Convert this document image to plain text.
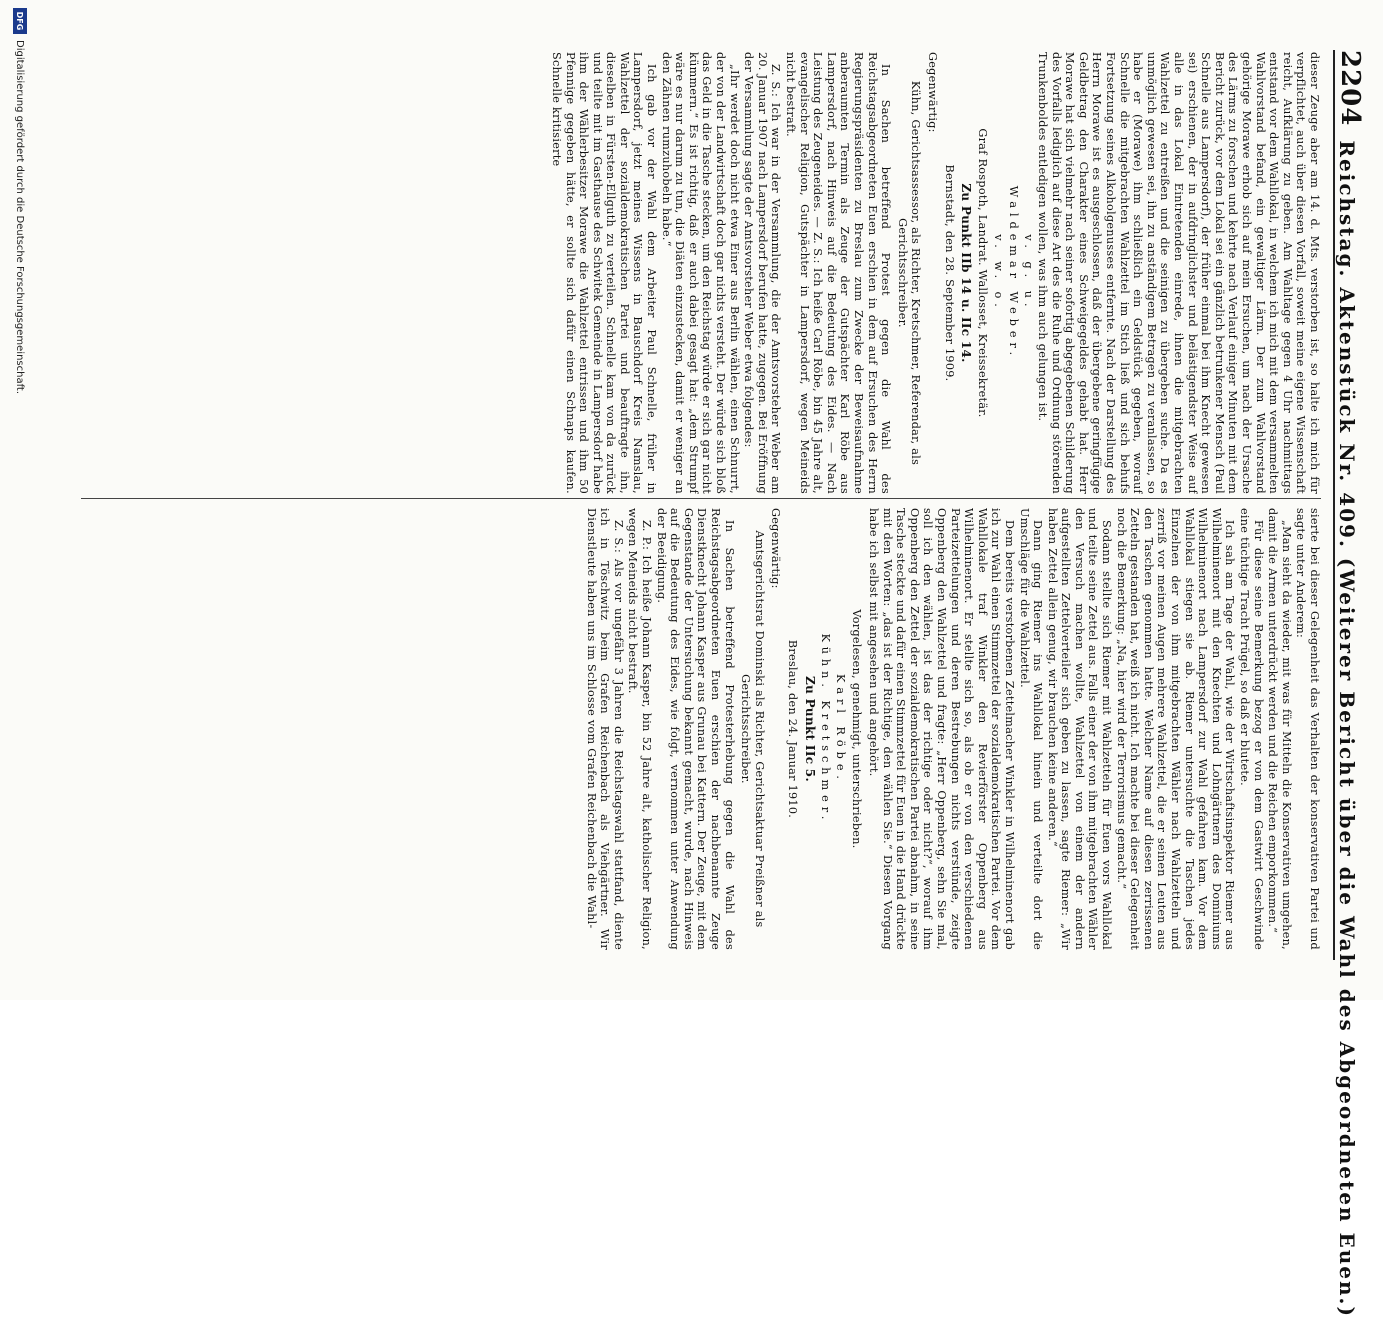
2204
Reichstag. Aktenstück Nr. 409. (Weiterer Bericht über die Wahl des Abgeordneten Euen.)

dieser Zeuge aber am 14. d. Mts. verstorben ist, so halte ich mich für verpflichtet, auch über diesen Vorfall, soweit meine eigene Wissenschaft reicht, Aufklärung zu geben. Am Wahltage gegen 4 Uhr nachmittags entstand vor dem Wahllokal, in welchem ich mich mit dem versammelten Wahlvorstand befand, ein gewaltiger Lärm. Der zum Wahlvorstand gehörige Morawe erhob sich auf mein Ersuchen, um nach der Ursache des Lärms zu forschen und kehrte nach Verlauf einiger Minuten mit dem Bericht zurück, vor dem Lokal sei ein gänzlich betrunkener Mensch (Paul Schnelle aus Lampersdorf), der früher einmal bei ihm Knecht gewesen sei) erschienen, der in aufdringlichster und belästigendster Weise auf alle in das Lokal Eintretenden einrede, ihnen die mitgebrachten Wahlzettel zu entreißen und die seinigen zu übergeben suche. Da es unmöglich gewesen sei, ihn zu anständigem Betragen zu veranlassen, so habe er (Morawe) ihm schließlich ein Geldstück gegeben, worauf Schnelle die mitgebrachten Wahlzettel im Stich ließ und sich behufs Fortsetzung seines Alkoholgenusses entfernte. Nach der Darstellung des Herrn Morawe ist es ausgeschlossen, daß der übergebene geringfügige Geldbetrag den Charakter eines Schweigegeldes gehabt hat. Herr Morawe hat sich vielmehr nach seiner sofortig abgegebenen Schilderung des Vorfalls lediglich auf diese Art des die Ruhe und Ordnung störenden Trunkenboldes entledigen wollen, was ihm auch gelungen ist.

v. g. u.

Waldemar Weber.

v. w. o.

Graf Rospoth, Landrat. Wallosset, Kreissekretär.

Zu Punkt IIb 14 u. IIc 14.

Bernstadt, den 28. September 1909.

Gegenwärtig:

Kühn, Gerichtsassessor, als Richter, Kretschmer, Referendar, als Gerichtsschreiber.

In Sachen betreffend Protest gegen die Wahl des Reichstagsabgeordneten Euen erschien in dem auf Ersuchen des Herrn Regierungspräsidenten zu Breslau zum Zwecke der Beweisaufnahme anberaumten Termin als Zeuge der Gutspächter Karl Röbe aus Lampersdorf, nach Hinweis auf die Bedeutung des Eides. — Nach Leistung des Zeugeneides. — Z. S.: Ich heiße Carl Röbe, bin 45 Jahre alt, evangelischer Religion, Gutspächter in Lampersdorf, wegen Meineids nicht bestraft.

Z. S.: Ich war in der Versammlung, die der Amtsvorsteher Weber am 20. Januar 1907 nach Lampersdorf berufen hatte, zugegen. Bei Eröffnung der Versammlung sagte der Amtsvorsteher Weber etwa folgendes:

„Ihr werdet doch nicht etwa Einer aus Berlin wählen, einen Schnurrt, der von der Landwirtschaft doch gar nichts versteht. Der würde sich bloß das Geld in die Tasche stecken, um den Reichstag würde er sich gar nicht kümmern.“ Es ist richtig, daß er auch dabei gesagt hat: „dem Strumpf wäre es nur darum zu tun, die Diäten einzustecken, damit er weniger an den Zähnen rumzuhobeln habe.“

Ich gab vor der Wahl dem Arbeiter Paul Schnelle, früher in Lampersdorf, jetzt meines Wissens in Bauschdorf Kreis Namslau, Wahlzettel der sozialdemokratischen Partei und beauftragte ihn, dieselben in Fürsten-Ellguth zu verteilen. Schnelle kam von da zurück und teilte mit im Gasthause des Schwitek Gemeinde in Lampersdorf habe ihm der Wählerbesitzer Morawe die Wahlzettel entrissen und ihm 50 Pfennige gegeben hätte, er sollte sich dafür einen Schnaps kaufen. Schnelle kritisierte

sierte bei dieser Gelegenheit das Verhalten der konservativen Partei und sagte unter Anderem:

„Man sieht da wieder, mit was für Mitteln die Konservativen umgehen, damit die Armen unterdrückt werden und die Reichen emporkommen.“

Für diese seine Bemerkung bezog er von dem Gastwirt Geschwinde eine tüchtige Tracht Prügel, so daß er blutete.

Ich sah am Tage der Wahl, wie der Wirtschaftsinspektor Riemer aus Wilhelminenort mit den Knechten und Lohngärtnern des Dominiums Wilhelminenort nach Lampersdorf zur Wahl gefahren kam. Vor dem Wahllokal stiegen sie ab. Riemer untersuchte die Taschen jedes Einzelnen der von ihm mitgebrachten Wähler nach Wahlzetteln und zerriß vor meinen Augen mehrere Wahlzettel, die er seinen Leuten aus den Taschen genommen hatte. Welcher Name auf diesen zerrissenen Zetteln gestanden hat, weiß ich nicht. Ich machte bei dieser Gelegenheit noch die Bemerkung: „Na, hier wird der Terrorismus gemacht.“

Sodann stellte sich Riemer mit Wahlzetteln für Euen vors Wahllokal und teilte seine Zettel aus. Falls einer der von ihm mitgebrachten Wähler den Versuch machen wollte, Wahlzettel von einem der andern aufgestellten Zettelverteiler sich geben zu lassen, sagte Riemer: „Wir haben Zettel allein genug, wir brauchen keine anderen.“

Dann ging Riemer ins Wahllokal hinein und verteilte dort die Umschläge für die Wahlzettel.

Dem bereits verstorbenen Zettelmacher Winkler in Wilhelminenort gab ich zur Wahl einen Stimmzettel der sozialdemokratischen Partei. Vor dem Wahllokale traf Winkler den Revierförster Oppenberg aus Wilhelminenort. Er stellte sich so, als ob er von den verschiedenen Parteizettelungen und deren Bestrebungen nichts verstünde, zeigte Oppenberg den Wahlzettel und fragte: „Herr Oppenberg, sehn Sie mal, soll ich den wählen, ist das der richtige oder nicht?“, worauf ihm Oppenberg den Zettel der sozialdemokratischen Partei abnahm, in seine Tasche steckte und dafür einen Stimmzettel für Euen in die Hand drückte mit den Worten: „das ist der Richtige, den wählen Sie.“ Diesen Vorgang habe ich selbst mit angesehen und angehört.

Vorgelesen, genehmigt, unterschrieben.

Karl Röbe.

Kühn. Kretschmer.

Zu Punkt IIc 5.

Breslau, den 24. Januar 1910.

Gegenwärtig:

Amtsgerichtsrat Dominski als Richter, Gerichtsaktuar Preißner als Gerichtsschreiber.

In Sachen betreffend Protesterhebung gegen die Wahl des Reichstagsabgeordneten Euen erschien der nachbenannte Zeuge Dienstknecht Johann Kasper aus Grunau bei Kattern. Der Zeuge, mit dem Gegenstande der Untersuchung bekannt gemacht, wurde, nach Hinweis auf die Bedeutung des Eides, wie folgt, vernommen unter Anwendung der Beeidigung.

Z. P.: Ich heiße Johann Kasper, bin 52 Jahre alt, katholischer Religion, wegen Meineids nicht bestraft.

Z. S.: Als vor ungefähr 3 Jahren die Reichstagswahl stattfand, diente ich in Töschwitz beim Grafen Reichenbach als Viehgärtner. Wir Dienstleute haben uns im Schlosse vom Grafen Reichenbach die Wahl-

DFG
Digitalisierung gefördert durch die Deutsche Forschungsgemeinschaft.
